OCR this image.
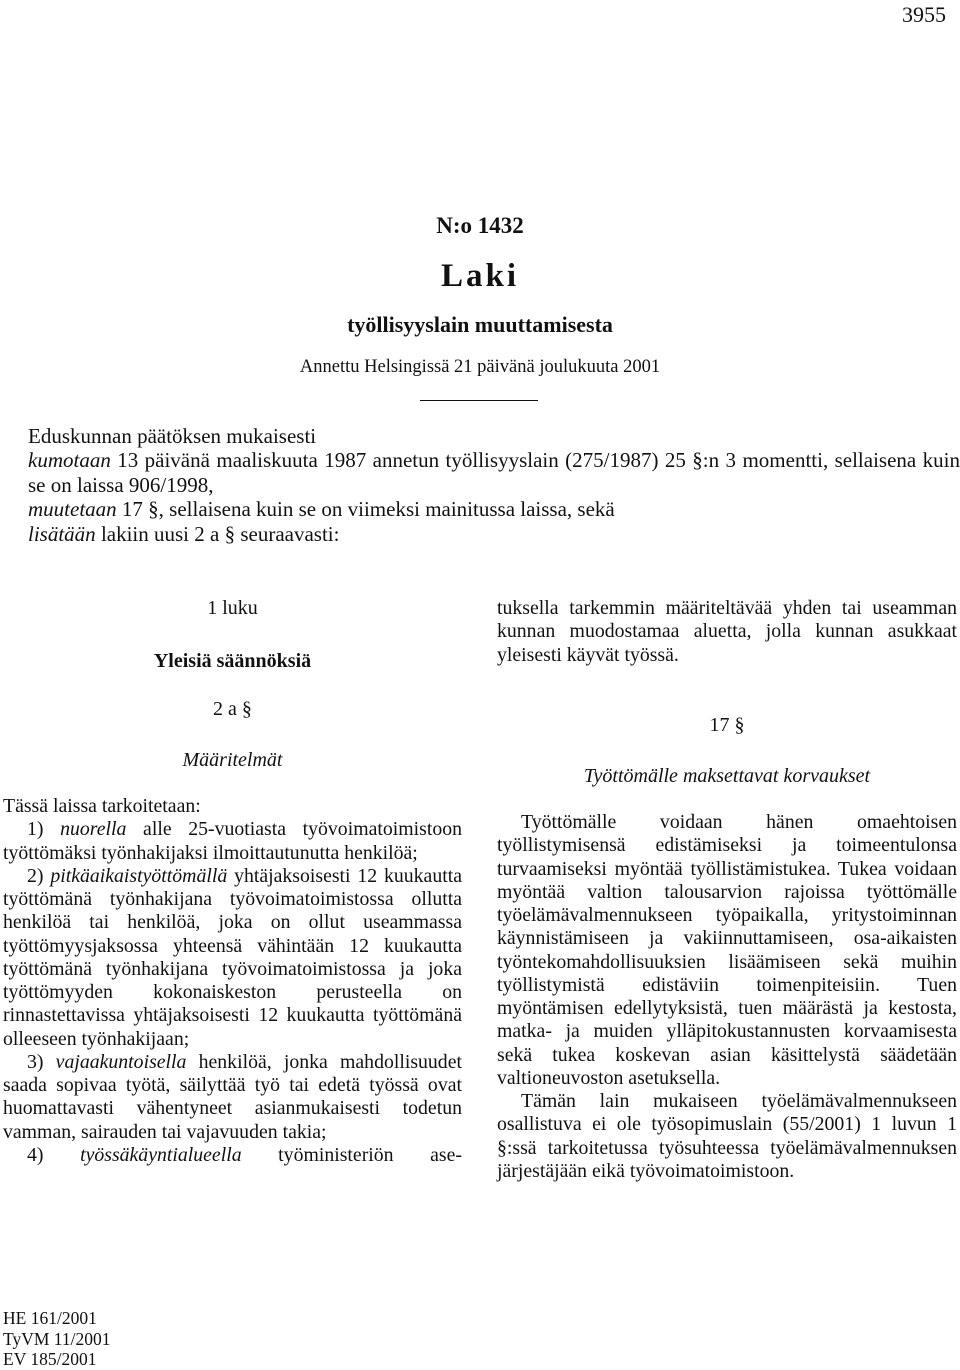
3955
N:o 1432
Laki
työllisyyslain muuttamisesta
Annettu Helsingissä 21 päivänä joulukuuta 2001

Eduskunnan päätöksen mukaisesti

kumotaan 13 päivänä maaliskuuta 1987 annetun työllisyyslain (275/1987) 25 §:n 3 momentti, sellaisena kuin se on laissa 906/1998,

muutetaan 17 §, sellaisena kuin se on viimeksi mainitussa laissa, sekä

lisätään lakiin uusi 2 a § seuraavasti:

1 luku
Yleisiä säännöksiä
2 a §
Määritelmät

Tässä laissa tarkoitetaan:

1) nuorella alle 25-vuotiasta työvoimatoimistoon työttömäksi työnhakijaksi ilmoittautunutta henkilöä;

2) pitkäaikaistyöttömällä yhtäjaksoisesti 12 kuukautta työttömänä työnhakijana työvoimatoimistossa ollutta henkilöä tai henkilöä, joka on ollut useammassa työttömyysjaksossa yhteensä vähintään 12 kuukautta työttömänä työnhakijana työvoimatoimistossa ja joka työttömyyden kokonaiskeston perusteella on rinnastettavissa yhtäjaksoisesti 12 kuukautta työttömänä olleeseen työnhakijaan;

3) vajaakuntoisella henkilöä, jonka mahdollisuudet saada sopivaa työtä, säilyttää työ tai edetä työssä ovat huomattavasti vähentyneet asianmukaisesti todetun vamman, sairauden tai vajavuuden takia;

4) työssäkäyntialueella työministeriön ase-

tuksella tarkemmin määriteltävää yhden tai useamman kunnan muodostamaa aluetta, jolla kunnan asukkaat yleisesti käyvät työssä.

17 §
Työttömälle maksettavat korvaukset

Työttömälle voidaan hänen omaehtoisen työllistymisensä edistämiseksi ja toimeentulonsa turvaamiseksi myöntää työllistämistukea. Tukea voidaan myöntää valtion talousarvion rajoissa työttömälle työelämävalmennukseen työpaikalla, yritystoiminnan käynnistämiseen ja vakiinnuttamiseen, osa-aikaisten työntekomahdollisuuksien lisäämiseen sekä muihin työllistymistä edistäviin toimenpiteisiin. Tuen myöntämisen edellytyksistä, tuen määrästä ja kestosta, matka- ja muiden ylläpitokustannusten korvaamisesta sekä tukea koskevan asian käsittelystä säädetään valtioneuvoston asetuksella.

Tämän lain mukaiseen työelämävalmennukseen osallistuva ei ole työsopimuslain (55/2001) 1 luvun 1 §:ssä tarkoitetussa työsuhteessa työelämävalmennuksen järjestäjään eikä työvoimatoimistoon.

HE 161/2001
TyVM 11/2001
EV 185/2001
